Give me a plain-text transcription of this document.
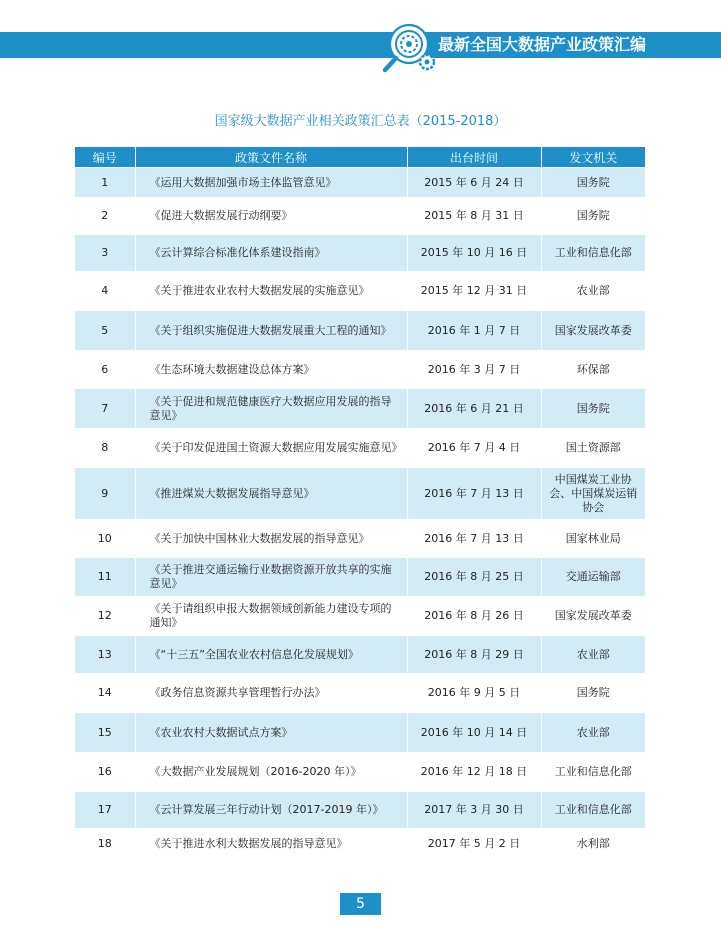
最新全国大数据产业政策汇编
国家级大数据产业相关政策汇总表（2015-2018）
编号	政策文件名称	出台时间	发文机关
1	《运用大数据加强市场主体监管意见》	2015 年 6 月 24 日	国务院
2	《促进大数据发展行动纲要》	2015 年 8 月 31 日	国务院
3	《云计算综合标准化体系建设指南》	2015 年 10 月 16 日	工业和信息化部
4	《关于推进农业农村大数据发展的实施意见》	2015 年 12 月 31 日	农业部
5	《关于组织实施促进大数据发展重大工程的通知》	2016 年 1 月 7 日	国家发展改革委
6	《生态环境大数据建设总体方案》	2016 年 3 月 7 日	环保部
7	《关于促进和规范健康医疗大数据应用发展的指导意见》	2016 年 6 月 21 日	国务院
8	《关于印发促进国土资源大数据应用发展实施意见》	2016 年 7 月 4 日	国土资源部
9	《推进煤炭大数据发展指导意见》	2016 年 7 月 13 日	中国煤炭工业协会、中国煤炭运销协会
10	《关于加快中国林业大数据发展的指导意见》	2016 年 7 月 13 日	国家林业局
11	《关于推进交通运输行业数据资源开放共享的实施意见》	2016 年 8 月 25 日	交通运输部
12	《关于请组织申报大数据领域创新能力建设专项的通知》	2016 年 8 月 26 日	国家发展改革委
13	《“十三五”全国农业农村信息化发展规划》	2016 年 8 月 29 日	农业部
14	《政务信息资源共享管理暂行办法》	2016 年 9 月 5 日	国务院
15	《农业农村大数据试点方案》	2016 年 10 月 14 日	农业部
16	《大数据产业发展规划（2016-2020 年）》	2016 年 12 月 18 日	工业和信息化部
17	《云计算发展三年行动计划（2017-2019 年）》	2017 年 3 月 30 日	工业和信息化部
18	《关于推进水利大数据发展的指导意见》	2017 年 5 月 2 日	水利部
5
